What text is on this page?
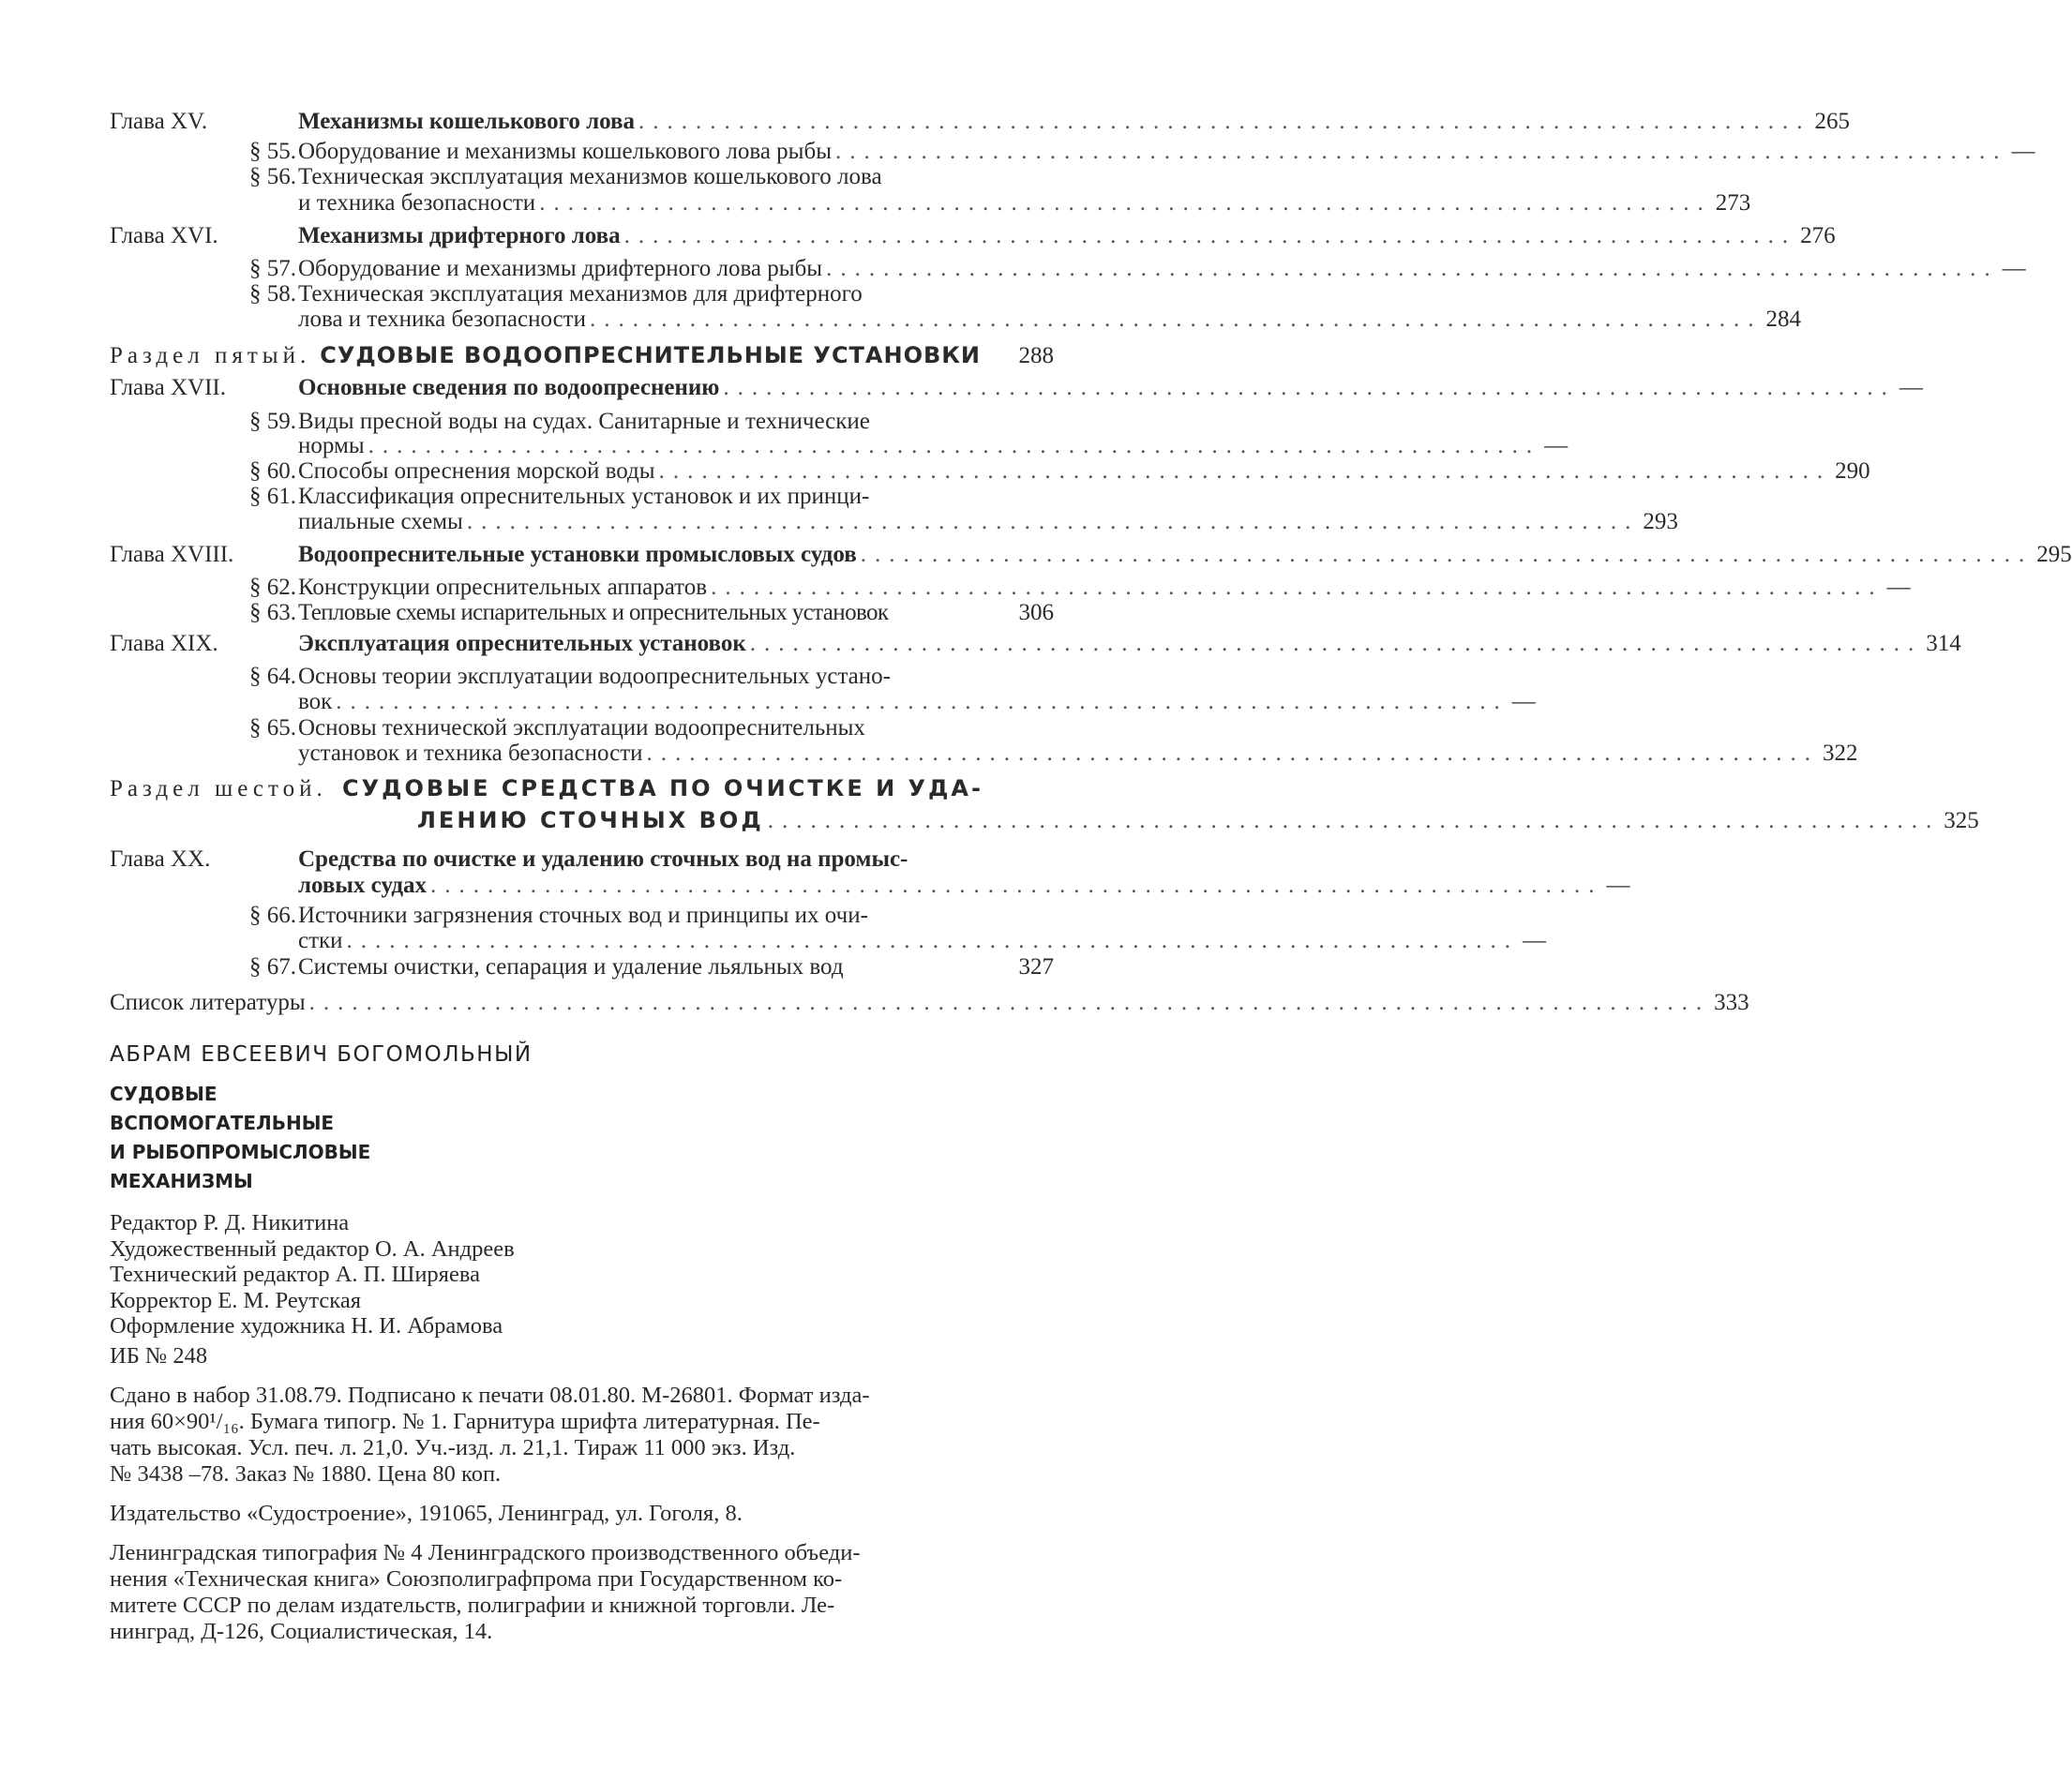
Глава XV.	Механизмы кошелькового лова .................................................................................. 265
§ 55. Оборудование и механизмы кошелькового лова рыбы .................................................................................. —
§ 56. Техническая эксплуатация механизмов кошелькового лова
и техника безопасности .................................................................................. 273
Глава XVI.	Механизмы дрифтерного лова .................................................................................. 276
§ 57. Оборудование и механизмы дрифтерного лова рыбы .................................................................................. —
§ 58. Техническая эксплуатация механизмов для дрифтерного
лова и техника безопасности .................................................................................. 284
Раздел пятый. СУДОВЫЕ ВОДООПРЕСНИТЕЛЬНЫЕ УСТАНОВКИ 288
Глава XVII.	Основные сведения по водоопреснению .................................................................................. —
§ 59. Виды пресной воды на судах. Санитарные и технические
нормы .................................................................................. —
§ 60. Способы опреснения морской воды .................................................................................. 290
§ 61. Классификация опреснительных установок и их принци-
пиальные схемы .................................................................................. 293
Глава XVIII.	Водоопреснительные установки промысловых судов .................................................................................. 295
§ 62. Конструкции опреснительных аппаратов .................................................................................. —
§ 63. Тепловые схемы испарительных и опреснительных установок	306
Глава XIX.	Эксплуатация опреснительных установок .................................................................................. 314
§ 64. Основы теории эксплуатации водоопреснительных устано-
вок .................................................................................. —
§ 65. Основы технической эксплуатации водоопреснительных
установок и техника безопасности .................................................................................. 322
Раздел шестой. СУДОВЫЕ СРЕДСТВА ПО ОЧИСТКЕ И УДА-
ЛЕНИЮ СТОЧНЫХ ВОД .................................................................................. 325
Глава XX.	Средства по очистке и удалению сточных вод на промыс-
ловых судах .................................................................................. —
§ 66. Источники загрязнения сточных вод и принципы их очи-
стки .................................................................................. —
§ 67. Системы очистки, сепарация и удаление льяльных вод	327
Список литературы .................................................................................................. 333
АБРАМ ЕВСЕЕВИЧ БОГОМОЛЬНЫЙ
СУДОВЫЕ
ВСПОМОГАТЕЛЬНЫЕ
И РЫБОПРОМЫСЛОВЫЕ
МЕХАНИЗМЫ
Редактор Р. Д. Никитина
Художественный редактор О. А. Андреев
Технический редактор А. П. Ширяева
Корректор Е. М. Реутская
Оформление художника Н. И. Абрамова
ИБ № 248
Сдано в набор 31.08.79. Подписано к печати 08.01.80. М-26801. Формат изда-
ния 60×90¹/₁₆. Бумага типогр. № 1. Гарнитура шрифта литературная. Пе-
чать высокая. Усл. печ. л. 21,0. Уч.-изд. л. 21,1. Тираж 11 000 экз. Изд.
№ 3438 –78. Заказ № 1880. Цена 80 коп.
Издательство «Судостроение», 191065, Ленинград, ул. Гоголя, 8.
Ленинградская типография № 4 Ленинградского производственного объеди-
нения «Техническая книга» Союзполиграфпрома при Государственном ко-
митете СССР по делам издательств, полиграфии и книжной торговли. Ле-
нинград, Д-126, Социалистическая, 14.
